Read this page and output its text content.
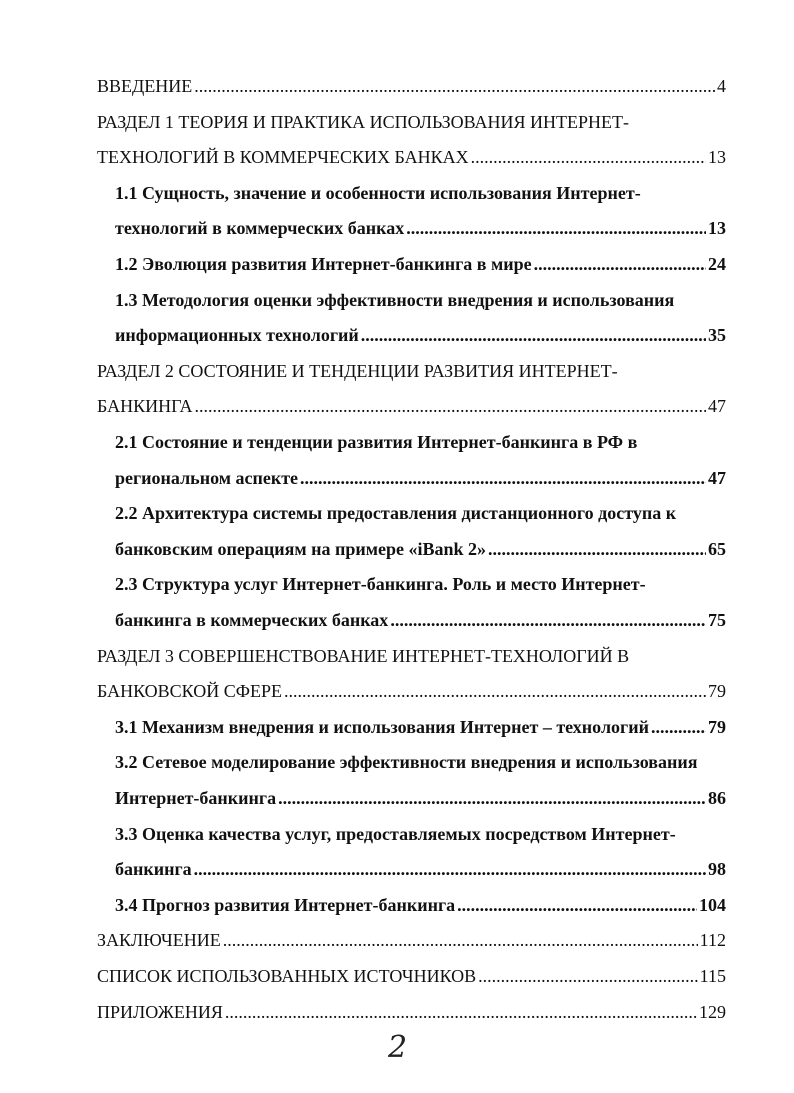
ВВЕДЕНИЕ .....	4
РАЗДЕЛ 1 ТЕОРИЯ И ПРАКТИКА ИСПОЛЬЗОВАНИЯ ИНТЕРНЕТ-
ТЕХНОЛОГИЙ В КОММЕРЧЕСКИХ БАНКАХ .....	13
1.1 Сущность, значение и особенности использования Интернет-
технологий в коммерческих банках .....	13
1.2 Эволюция развития Интернет-банкинга в мире .....	24
1.3 Методология оценки эффективности внедрения и использования
информационных технологий .....	35
РАЗДЕЛ 2 СОСТОЯНИЕ И ТЕНДЕНЦИИ РАЗВИТИЯ ИНТЕРНЕТ-
БАНКИНГА .....	47
2.1 Состояние и тенденции развития Интернет-банкинга в РФ в
региональном аспекте .....	47
2.2 Архитектура системы предоставления дистанционного доступа к
банковским операциям на примере «iBank 2» .....	65
2.3 Структура услуг Интернет-банкинга. Роль и место Интернет-
банкинга в коммерческих банках .....	75
РАЗДЕЛ 3 СОВЕРШЕНСТВОВАНИЕ ИНТЕРНЕТ-ТЕХНОЛОГИЙ В
БАНКОВСКОЙ СФЕРЕ .....	79
3.1 Механизм внедрения и использования Интернет – технологий .....	79
3.2 Сетевое моделирование эффективности внедрения и использования
Интернет-банкинга .....	86
3.3 Оценка качества услуг, предоставляемых посредством Интернет-
банкинга .....	98
3.4 Прогноз развития Интернет-банкинга .....	104
ЗАКЛЮЧЕНИЕ .....	112
СПИСОК ИСПОЛЬЗОВАННЫХ ИСТОЧНИКОВ .....	115
ПРИЛОЖЕНИЯ .....	129
2
